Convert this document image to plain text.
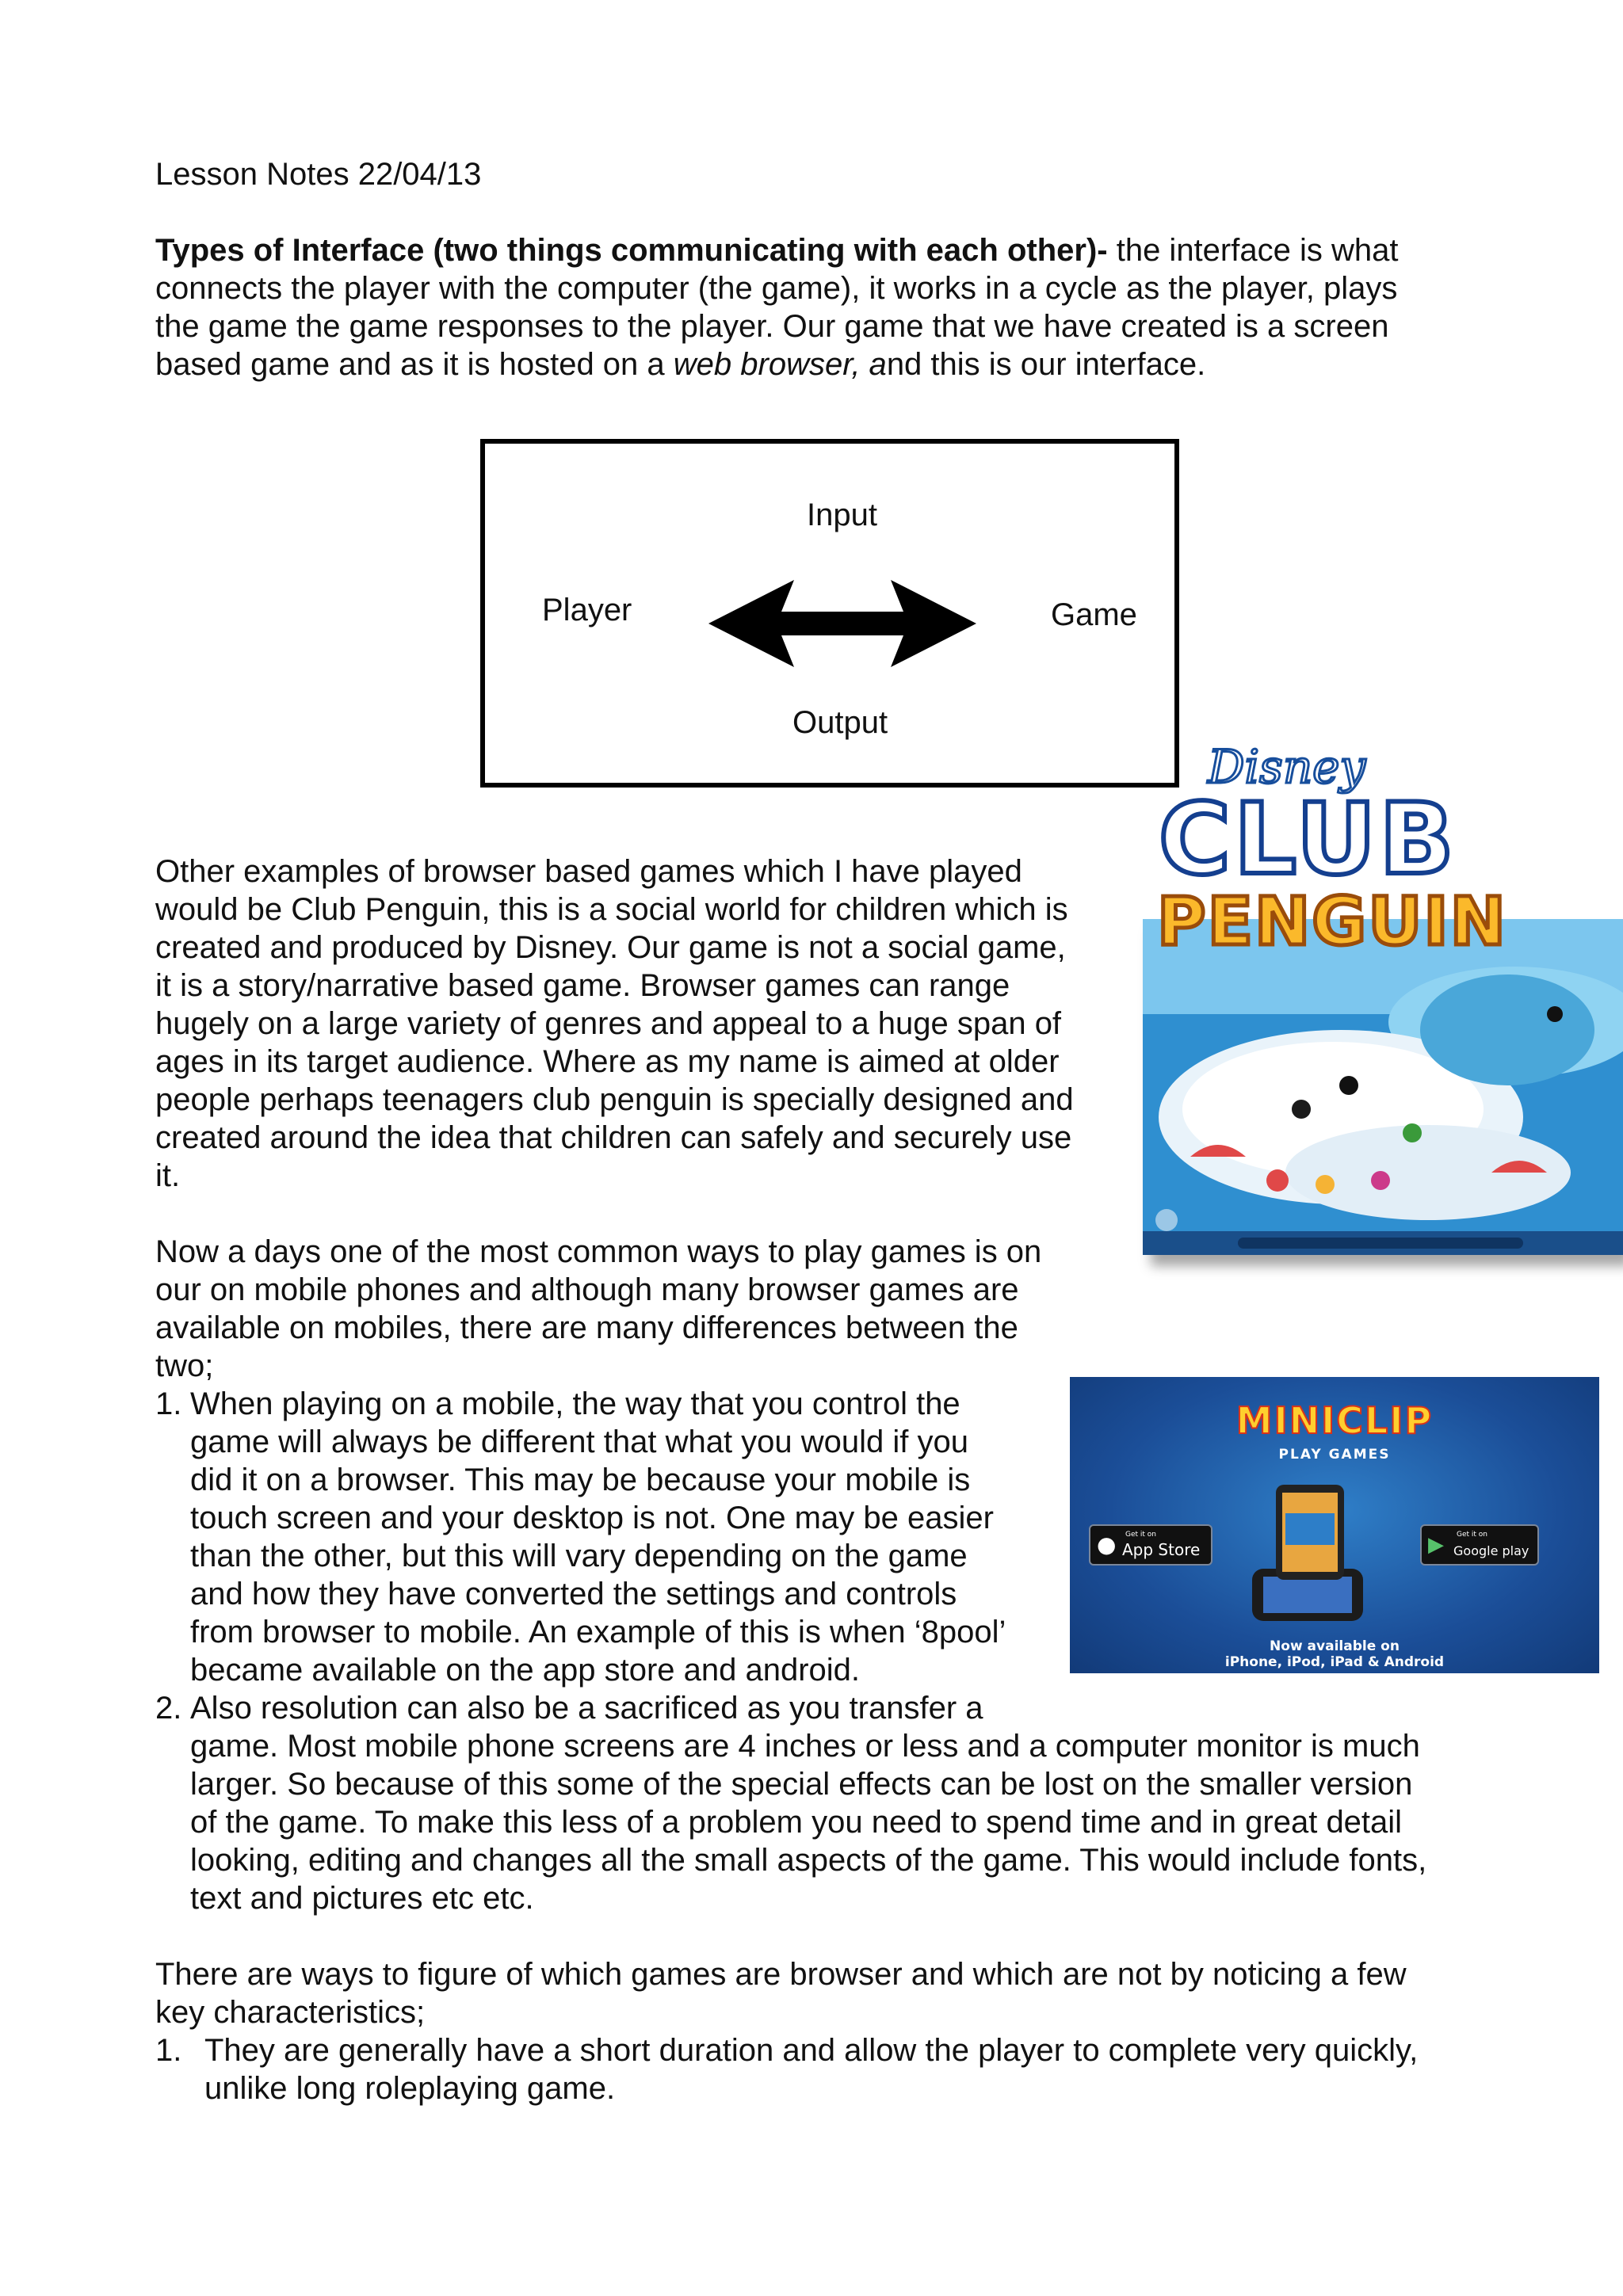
Lesson Notes 22/04/13

Types of Interface (two things communicating with each other)- the interface is what
connects the player with the computer (the game), it works in a cycle as the player, plays
the game the game responses to the player. Our game that we have created is a screen
based game and as it is hosted on a web browser, and this is our interface.

Input
Player	Game
Output
Disney
CLUB
PENGUIN

Other examples of browser based games which I have played
would be Club Penguin, this is a social world for children which is
created and produced by Disney. Our game is not a social game,
it is a story/narrative based game. Browser games can range
hugely on a large variety of genres and appeal to a huge span of
ages in its target audience. Where as my name is aimed at older
people perhaps teenagers club penguin is specially designed and
created around the idea that children can safely and securely use
it.

Now a days one of the most common ways to play games is on
our on mobile phones and although many browser games are
available on mobiles, there are many differences between the
two;

1. When playing on a mobile, the way that you control the
game will always be different that what you would if you
did it on a browser. This may be because your mobile is
touch screen and your desktop is not. One may be easier
than the other, but this will vary depending on the game
and how they have converted the settings and controls
from browser to mobile. An example of this is when ‘8pool’
became available on the app store and android.
MINICLIP
PLAY GAMES
● Get it on
App Store	▶ Get it on
Google play
Now available on
iPhone, iPod, iPad & Android
2. Also resolution can also be a sacrificed as you transfer a
game. Most mobile phone screens are 4 inches or less and a computer monitor is much
larger. So because of this some of the special effects can be lost on the smaller version
of the game. To make this less of a problem you need to spend time and in great detail
looking, editing and changes all the small aspects of the game. This would include fonts,
text and pictures etc etc.

There are ways to figure of which games are browser and which are not by noticing a few
key characteristics;

1. They are generally have a short duration and allow the player to complete very quickly,
unlike long roleplaying game.
